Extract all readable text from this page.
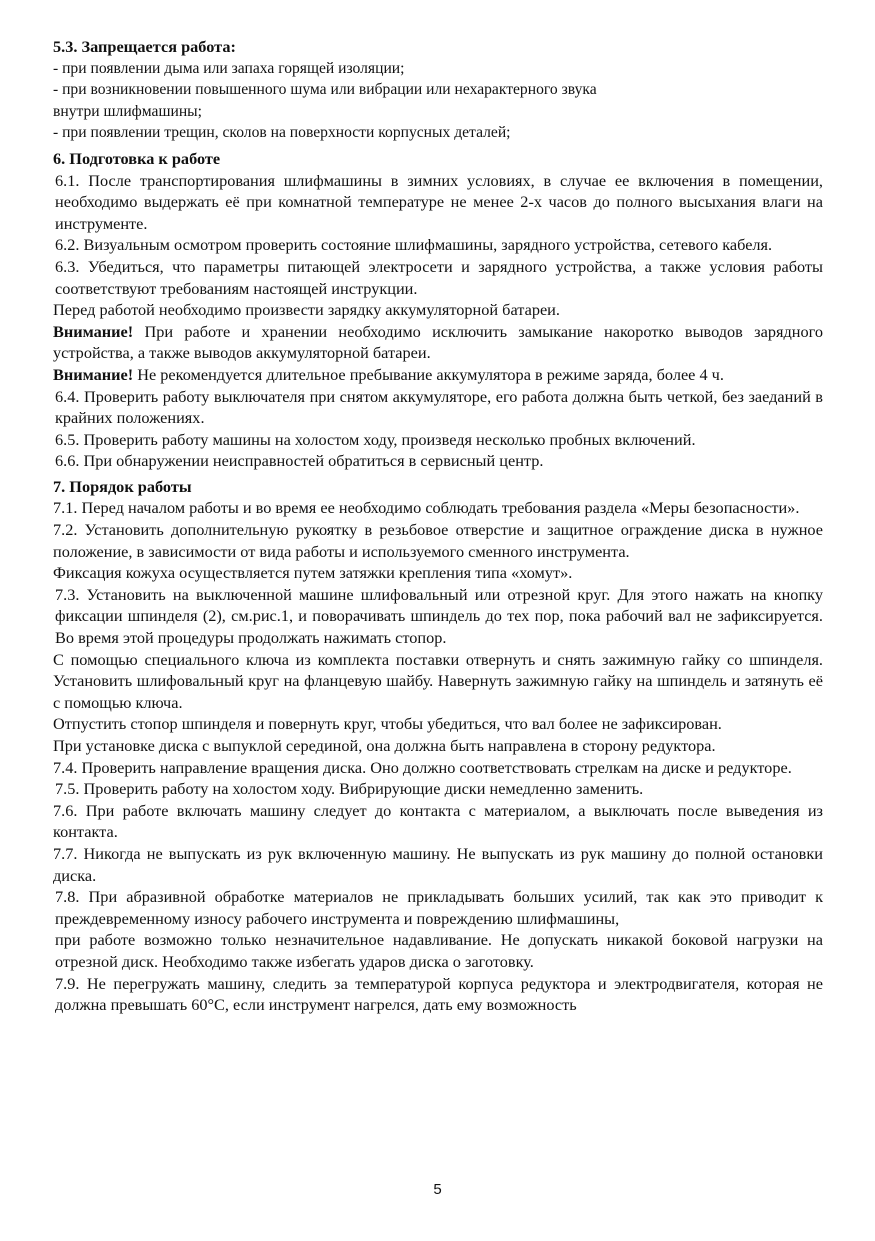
5.3. Запрещается работа:

- при появлении дыма или запаха горящей изоляции;

- при возникновении повышенного шума или вибрации или нехарактерного звука

внутри шлифмашины;

- при появлении трещин, сколов на поверхности корпусных деталей;

6. Подготовка к работе

6.1. После транспортирования шлифмашины в зимних условиях, в случае ее включения в помещении, необходимо выдержать её при комнатной температуре не менее 2-х часов до полного высыхания влаги на инструменте.

6.2. Визуальным осмотром проверить состояние шлифмашины, зарядного устройства, сетевого кабеля.

6.3. Убедиться, что параметры питающей электросети и зарядного устройства, а также условия работы соответствуют требованиям настоящей инструкции.

Перед работой необходимо произвести зарядку аккумуляторной батареи.

Внимание! При работе и хранении необходимо исключить замыкание накоротко выводов зарядного устройства, а также выводов аккумуляторной батареи.

Внимание! Не рекомендуется длительное пребывание аккумулятора в режиме заряда, более 4 ч.

6.4. Проверить работу выключателя при снятом аккумуляторе, его работа должна быть четкой, без заеданий в крайних положениях.

6.5. Проверить работу машины на холостом ходу, произведя несколько пробных включений.

6.6. При обнаружении неисправностей обратиться в сервисный центр.

7. Порядок работы

7.1. Перед началом работы и во время ее необходимо соблюдать требования раздела «Меры безопасности».

7.2. Установить дополнительную рукоятку в резьбовое отверстие и защитное ограждение диска в нужное положение, в зависимости от вида работы и используемого сменного инструмента.

Фиксация кожуха осуществляется путем затяжки крепления типа «хомут».

7.3. Установить на выключенной машине шлифовальный или отрезной круг. Для этого нажать на кнопку фиксации шпинделя (2), см.рис.1, и поворачивать шпиндель до тех пор, пока рабочий вал не зафиксируется. Во время этой процедуры продолжать нажимать стопор.

С помощью специального ключа из комплекта поставки отвернуть и снять зажимную гайку со шпинделя. Установить шлифовальный круг на фланцевую шайбу. Навернуть зажимную гайку на шпиндель и затянуть её с помощью ключа.

Отпустить стопор шпинделя и повернуть круг, чтобы убедиться, что вал более не зафиксирован.

При установке диска с выпуклой серединой, она должна быть направлена в сторону редуктора.

7.4. Проверить направление вращения диска. Оно должно соответствовать стрелкам на диске и редукторе.

7.5. Проверить работу на холостом ходу. Вибрирующие диски немедленно заменить.

7.6. При работе включать машину следует до контакта с материалом, а выключать после выведения из контакта.

7.7. Никогда не выпускать из рук включенную машину. Не выпускать из рук машину до полной остановки диска.

7.8. При абразивной обработке материалов не прикладывать больших усилий, так как это приводит к преждевременному износу рабочего инструмента и повреждению шлифмашины,

при работе возможно только незначительное надавливание. Не допускать никакой боковой нагрузки на отрезной диск. Необходимо также избегать ударов диска о заготовку.

7.9. Не перегружать машину, следить за температурой корпуса редуктора и электродвигателя, которая не должна превышать 60°С, если инструмент нагрелся, дать ему возможность

5
